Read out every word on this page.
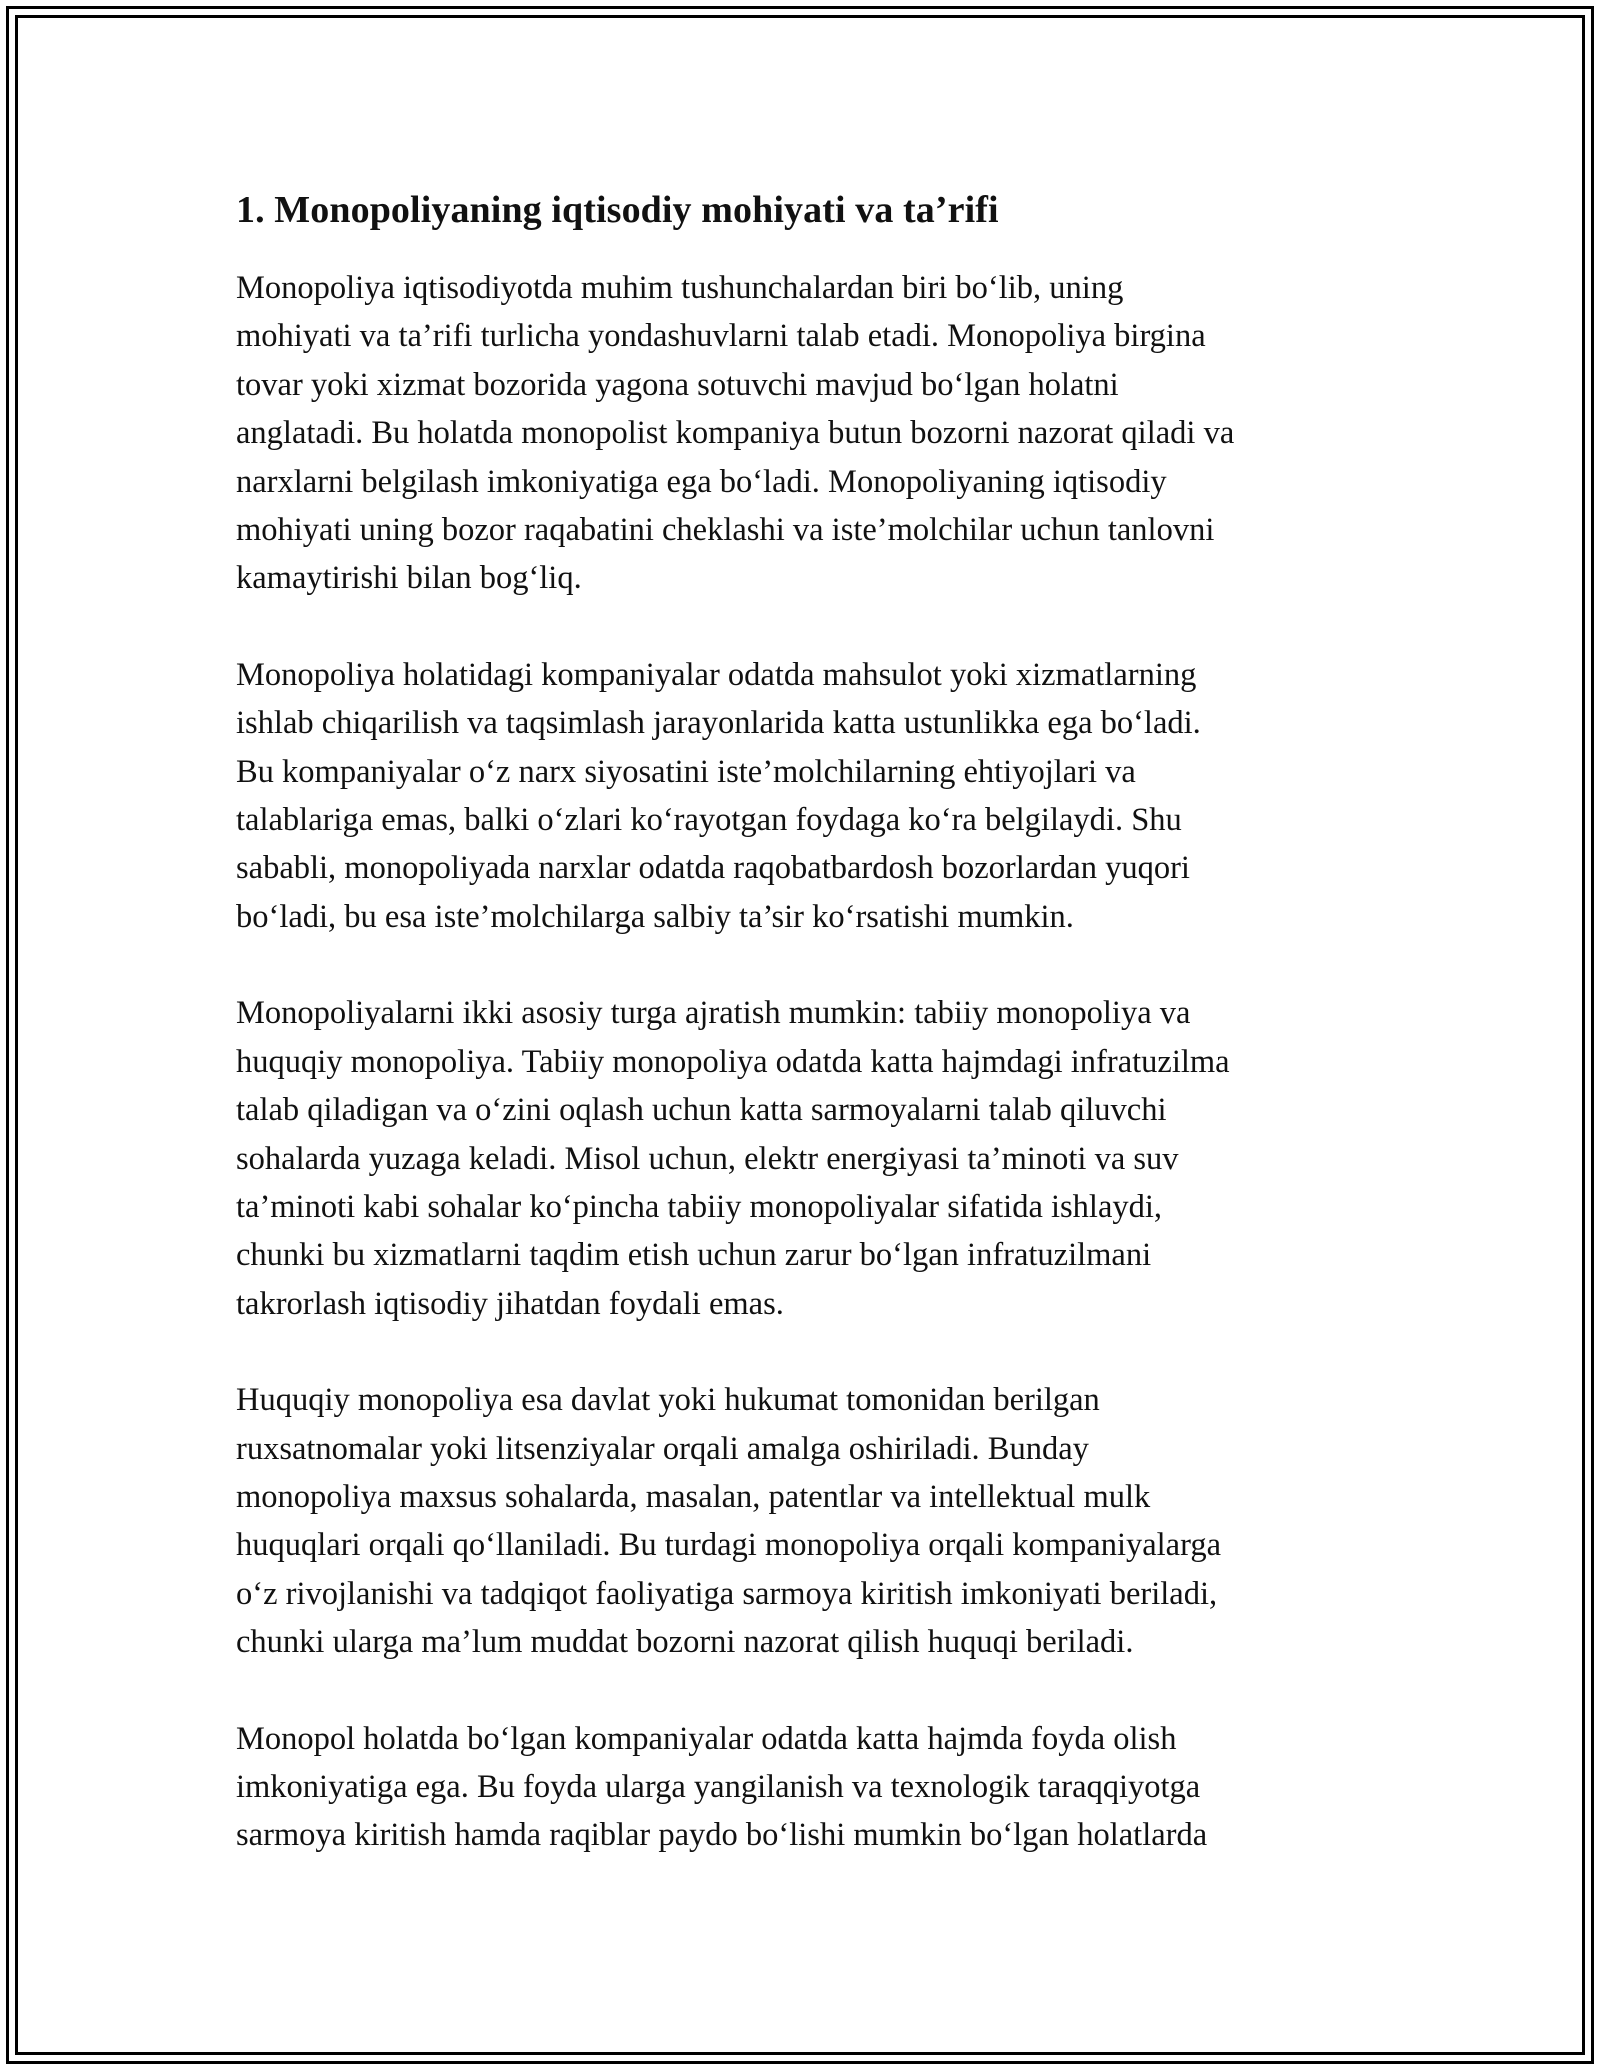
1. Monopoliyaning iqtisodiy mohiyati va ta’rifi

Monopoliya iqtisodiyotda muhim tushunchalardan biri bo‘lib, uning
mohiyati va ta’rifi turlicha yondashuvlarni talab etadi. Monopoliya birgina
tovar yoki xizmat bozorida yagona sotuvchi mavjud bo‘lgan holatni
anglatadi. Bu holatda monopolist kompaniya butun bozorni nazorat qiladi va
narxlarni belgilash imkoniyatiga ega bo‘ladi. Monopoliyaning iqtisodiy
mohiyati uning bozor raqabatini cheklashi va iste’molchilar uchun tanlovni
kamaytirishi bilan bog‘liq.

Monopoliya holatidagi kompaniyalar odatda mahsulot yoki xizmatlarning
ishlab chiqarilish va taqsimlash jarayonlarida katta ustunlikka ega bo‘ladi.
Bu kompaniyalar o‘z narx siyosatini iste’molchilarning ehtiyojlari va
talablariga emas, balki o‘zlari ko‘rayotgan foydaga ko‘ra belgilaydi. Shu
sababli, monopoliyada narxlar odatda raqobatbardosh bozorlardan yuqori
bo‘ladi, bu esa iste’molchilarga salbiy ta’sir ko‘rsatishi mumkin.

Monopoliyalarni ikki asosiy turga ajratish mumkin: tabiiy monopoliya va
huquqiy monopoliya. Tabiiy monopoliya odatda katta hajmdagi infratuzilma
talab qiladigan va o‘zini oqlash uchun katta sarmoyalarni talab qiluvchi
sohalarda yuzaga keladi. Misol uchun, elektr energiyasi ta’minoti va suv
ta’minoti kabi sohalar ko‘pincha tabiiy monopoliyalar sifatida ishlaydi,
chunki bu xizmatlarni taqdim etish uchun zarur bo‘lgan infratuzilmani
takrorlash iqtisodiy jihatdan foydali emas.

Huquqiy monopoliya esa davlat yoki hukumat tomonidan berilgan
ruxsatnomalar yoki litsenziyalar orqali amalga oshiriladi. Bunday
monopoliya maxsus sohalarda, masalan, patentlar va intellektual mulk
huquqlari orqali qo‘llaniladi. Bu turdagi monopoliya orqali kompaniyalarga
o‘z rivojlanishi va tadqiqot faoliyatiga sarmoya kiritish imkoniyati beriladi,
chunki ularga ma’lum muddat bozorni nazorat qilish huquqi beriladi.

Monopol holatda bo‘lgan kompaniyalar odatda katta hajmda foyda olish
imkoniyatiga ega. Bu foyda ularga yangilanish va texnologik taraqqiyotga
sarmoya kiritish hamda raqiblar paydo bo‘lishi mumkin bo‘lgan holatlarda
